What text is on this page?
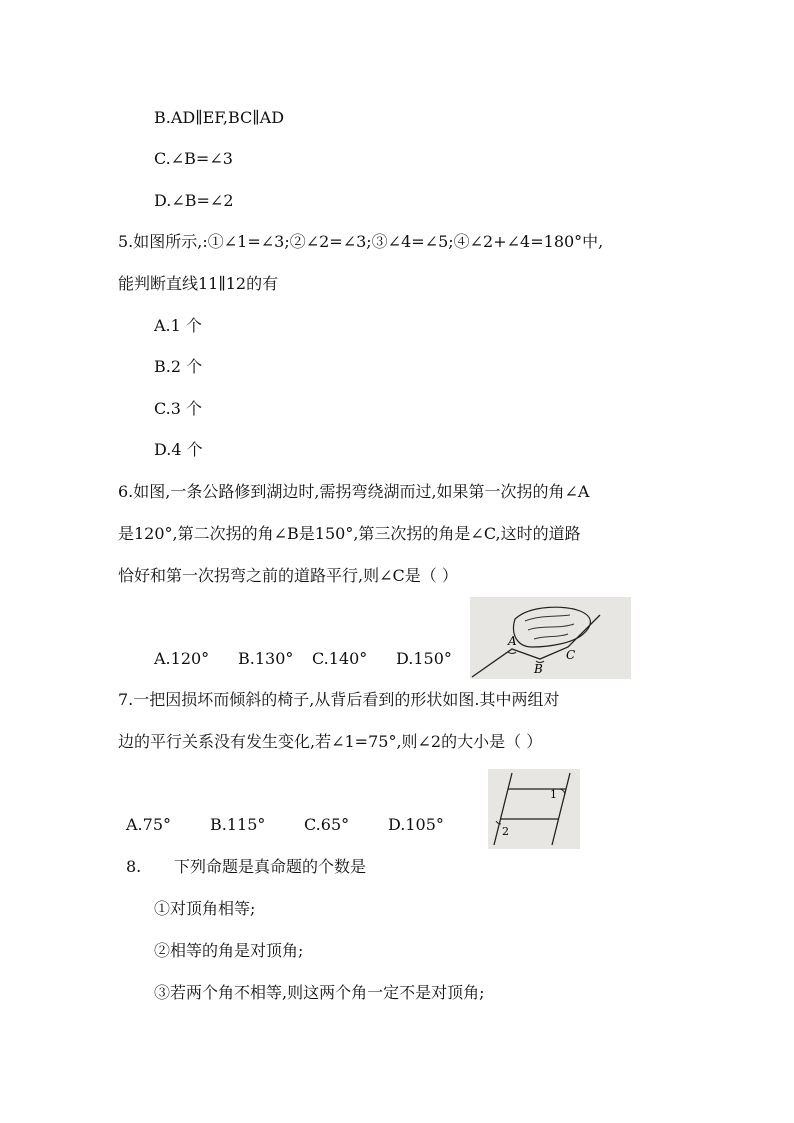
B.AD∥EF,BC∥AD
C.∠B=∠3
D.∠B=∠2
5.如图所示,:①∠1=∠3;②∠2=∠3;③∠4=∠5;④∠2+∠4=180°中,
能判断直线11∥12的有
A.1 个
B.2 个
C.3 个
D.4 个
6.如图,一条公路修到湖边时,需拐弯绕湖而过,如果第一次拐的角∠A
是120°,第二次拐的角∠B是150°,第三次拐的角是∠C,这时的道路
恰好和第一次拐弯之前的道路平行,则∠C是（ ）
A.120° B.130° C.140° D.150°
A
B
C
7.一把因损坏而倾斜的椅子,从背后看到的形状如图.其中两组对
边的平行关系没有发生变化,若∠1=75°,则∠2的大小是（ ）
A.75° B.115° C.65° D.105°
1
2
8. 下列命题是真命题的个数是
①对顶角相等;
②相等的角是对顶角;
③若两个角不相等,则这两个角一定不是对顶角;
